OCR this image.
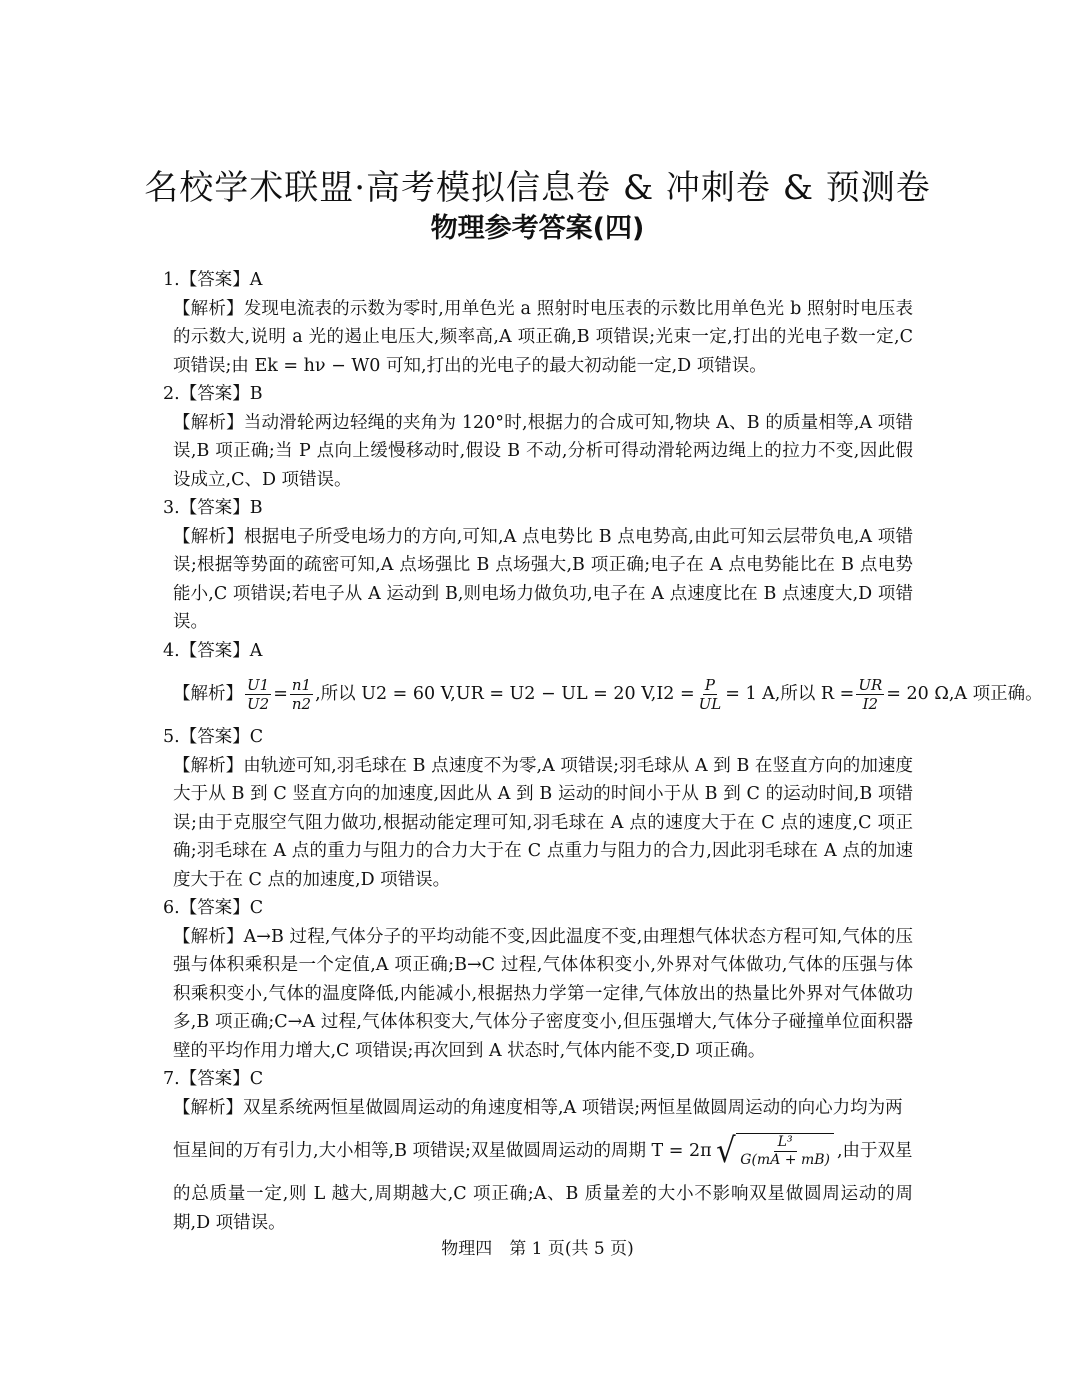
名校学术联盟·高考模拟信息卷 & 冲刺卷 & 预测卷
物理参考答案(四)

1.【答案】A

【解析】发现电流表的示数为零时,用单色光 a 照射时电压表的示数比用单色光 b 照射时电压表的示数大,说明 a 光的遏止电压大,频率高,A 项正确,B 项错误;光束一定,打出的光电子数一定,C 项错误;由 Ek = hν − W0 可知,打出的光电子的最大初动能一定,D 项错误。

2.【答案】B

【解析】当动滑轮两边轻绳的夹角为 120°时,根据力的合成可知,物块 A、B 的质量相等,A 项错误,B 项正确;当 P 点向上缓慢移动时,假设 B 不动,分析可得动滑轮两边绳上的拉力不变,因此假设成立,C、D 项错误。

3.【答案】B

【解析】根据电子所受电场力的方向,可知,A 点电势比 B 点电势高,由此可知云层带负电,A 项错误;根据等势面的疏密可知,A 点场强比 B 点场强大,B 项正确;电子在 A 点电势能比在 B 点电势能小,C 项错误;若电子从 A 运动到 B,则电场力做负功,电子在 A 点速度比在 B 点速度大,D 项错误。

4.【答案】A

【解析】 $\frac{U1}{U2} = \frac{n1}{n2}$ ,所以 U2 = 60 V,UR = U2 − UL = 20 $V,I2 = \frac{P}{UL} = 1$ A,所以 $R = \frac{UR}{I2} = 20$ Ω,A 项正确。

5.【答案】C

【解析】由轨迹可知,羽毛球在 B 点速度不为零,A 项错误;羽毛球从 A 到 B 在竖直方向的加速度大于从 B 到 C 竖直方向的加速度,因此从 A 到 B 运动的时间小于从 B 到 C 的运动时间,B 项错误;由于克服空气阻力做功,根据动能定理可知,羽毛球在 A 点的速度大于在 C 点的速度,C 项正确;羽毛球在 A 点的重力与阻力的合力大于在 C 点重力与阻力的合力,因此羽毛球在 A 点的加速度大于在 C 点的加速度,D 项错误。

6.【答案】C

【解析】A→B 过程,气体分子的平均动能不变,因此温度不变,由理想气体状态方程可知,气体的压强与体积乘积是一个定值,A 项正确;B→C 过程,气体体积变小,外界对气体做功,气体的压强与体积乘积变小,气体的温度降低,内能减小,根据热力学第一定律,气体放出的热量比外界对气体做功多,B 项正确;C→A 过程,气体体积变大,气体分子密度变小,但压强增大,气体分子碰撞单位面积器壁的平均作用力增大,C 项错误;再次回到 A 状态时,气体内能不变,D 项正确。

7.【答案】C

【解析】双星系统两恒星做圆周运动的角速度相等,A 项错误;两恒星做圆周运动的向心力均为两

恒星间的万有引力,大小相等,B 项错误;双星做圆周运动的周期 T = 2π √ $\frac{\text{L³}}{G(mA + mB)}$ ,由于双星

的总质量一定,则 L 越大,周期越大,C 项正确;A、B 质量差的大小不影响双星做圆周运动的周期,D 项错误。

物理四　第 1 页(共 5 页)
